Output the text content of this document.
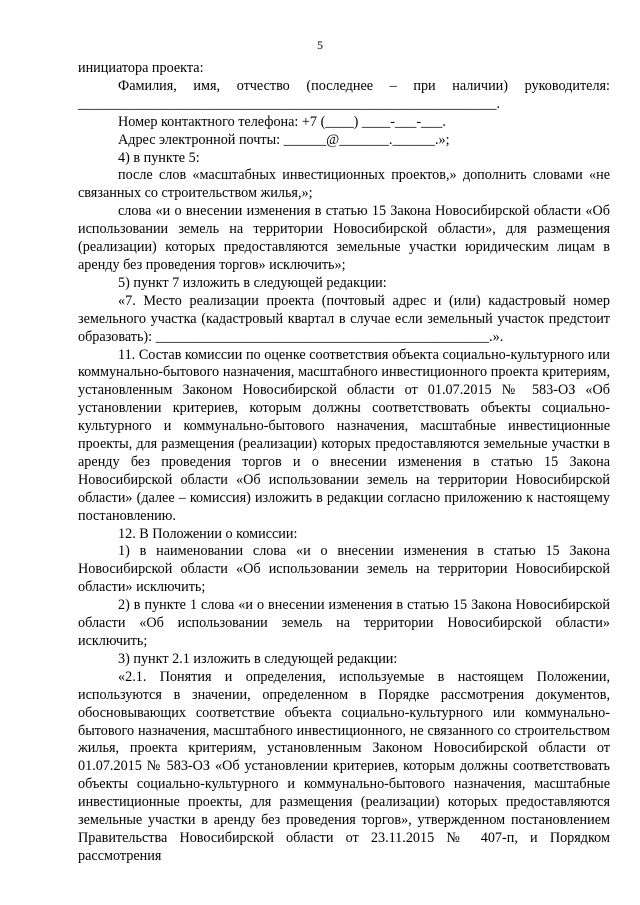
5

инициатора проекта:

Фамилия, имя, отчество (последнее – при наличии) руководителя: ___________________________________________________________.

Номер контактного телефона: +7 (____) ____-___-___.

Адрес электронной почты: ______@_______.______.»;

4) в пункте 5:

после слов «масштабных инвестиционных проектов,» дополнить словами «не связанных со строительством жилья,»;

слова «и о внесении изменения в статью 15 Закона Новосибирской области «Об использовании земель на территории Новосибирской области», для размещения (реализации) которых предоставляются земельные участки юридическим лицам в аренду без проведения торгов» исключить»;

5) пункт 7 изложить в следующей редакции:

«7. Место реализации проекта (почтовый адрес и (или) кадастровый номер земельного участка (кадастровый квартал в случае если земельный участок предстоит образовать): _______________________________________________.».

11. Состав комиссии по оценке соответствия объекта социально-культурного или коммунально-бытового назначения, масштабного инвестиционного проекта критериям, установленным Законом Новосибирской области от 01.07.2015 № 583-ОЗ «Об установлении критериев, которым должны соответствовать объекты социально-культурного и коммунально-бытового назначения, масштабные инвестиционные проекты, для размещения (реализации) которых предоставляются земельные участки в аренду без проведения торгов и о внесении изменения в статью 15 Закона Новосибирской области «Об использовании земель на территории Новосибирской области» (далее – комиссия) изложить в редакции согласно приложению к настоящему постановлению.

12. В Положении о комиссии:

1) в наименовании слова «и о внесении изменения в статью 15 Закона Новосибирской области «Об использовании земель на территории Новосибирской области» исключить;

2) в пункте 1 слова «и о внесении изменения в статью 15 Закона Новосибирской области «Об использовании земель на территории Новосибирской области» исключить;

3) пункт 2.1 изложить в следующей редакции:

«2.1. Понятия и определения, используемые в настоящем Положении, используются в значении, определенном в Порядке рассмотрения документов, обосновывающих соответствие объекта социально-культурного или коммунально-бытового назначения, масштабного инвестиционного, не связанного со строительством жилья, проекта критериям, установленным Законом Новосибирской области от 01.07.2015 № 583-ОЗ «Об установлении критериев, которым должны соответствовать объекты социально-культурного и коммунально-бытового назначения, масштабные инвестиционные проекты, для размещения (реализации) которых предоставляются земельные участки в аренду без проведения торгов», утвержденном постановлением Правительства Новосибирской области от 23.11.2015 № 407-п, и Порядком рассмотрения
